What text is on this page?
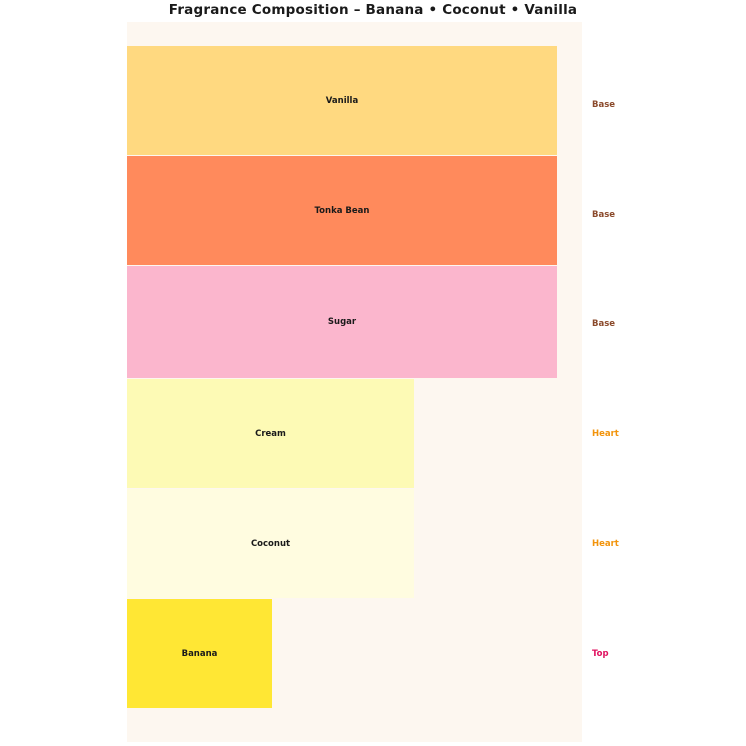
Fragrance Composition – Banana • Coconut • Vanilla
Vanilla	Base
Tonka Bean	Base
Sugar	Base
Cream	Heart
Coconut	Heart
Banana	Top
